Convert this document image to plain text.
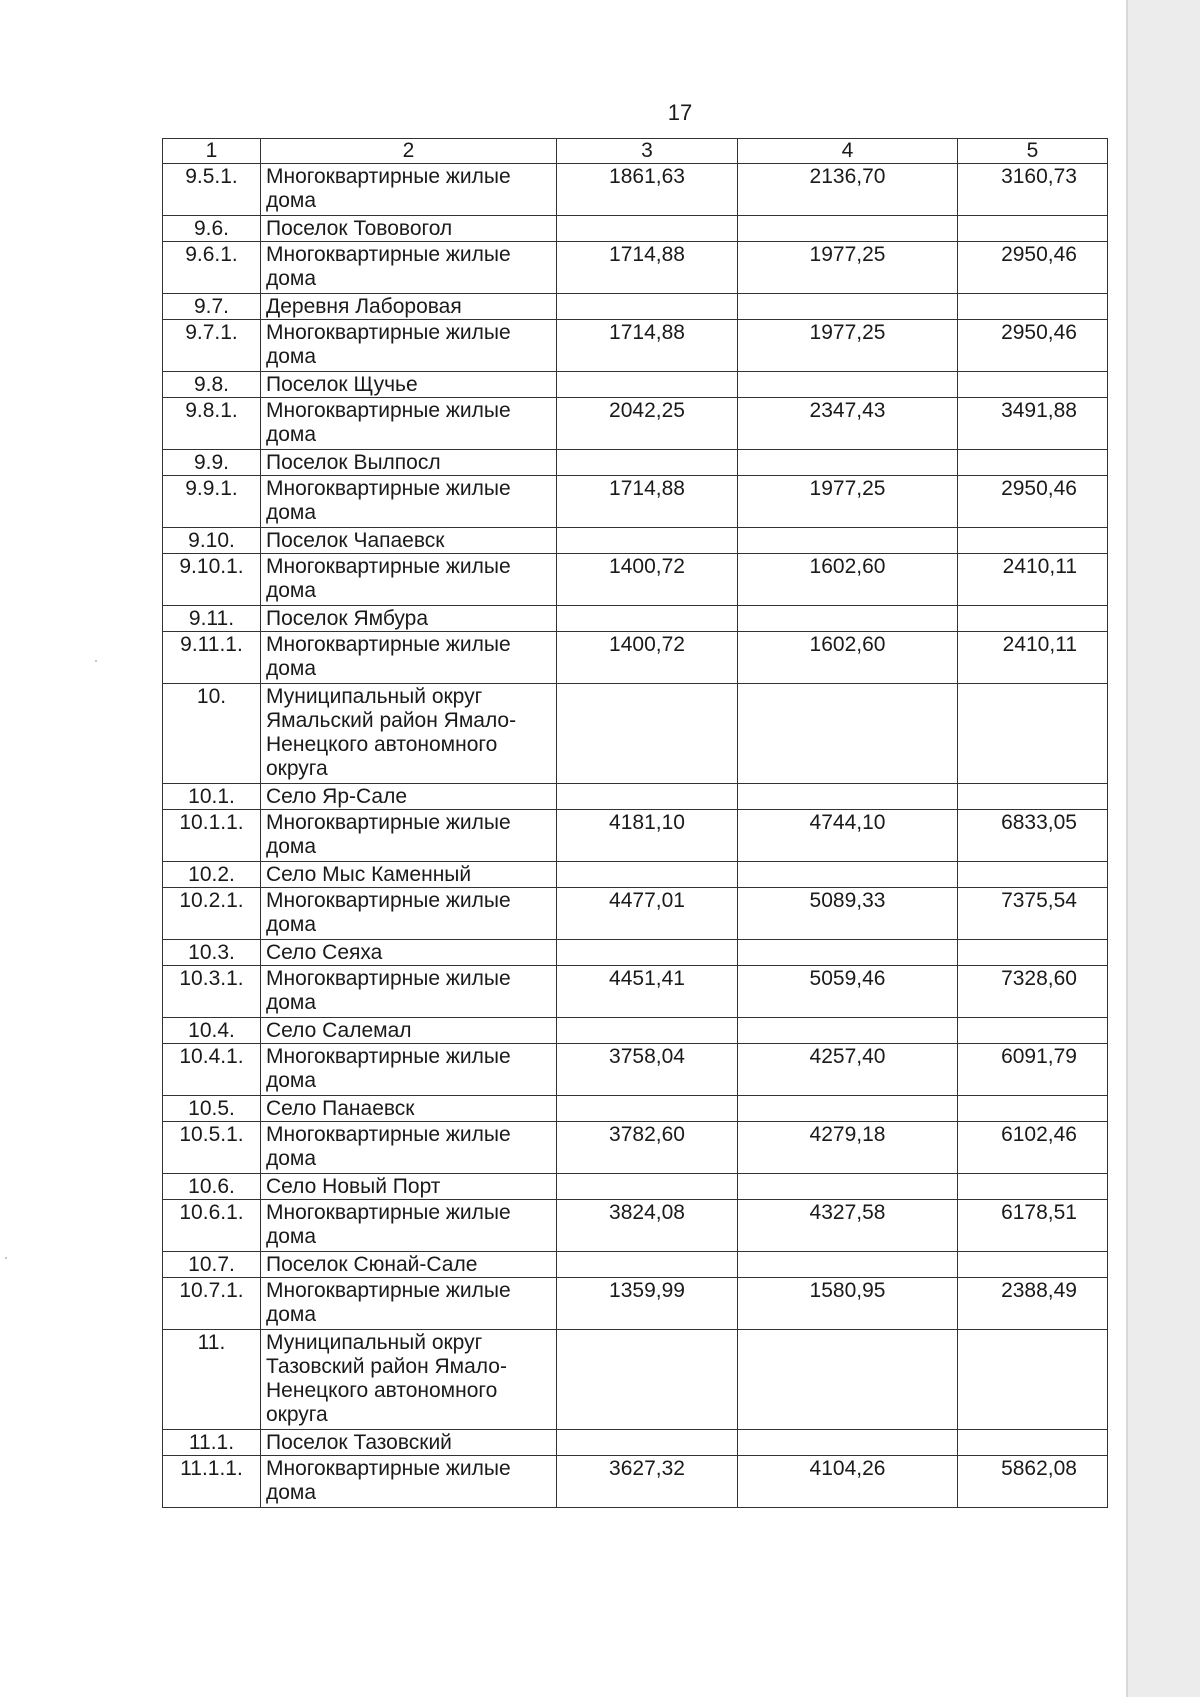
17
1	2	3	4	5
9.5.1.	Многоквартирные жилые дома	1861,63	2136,70	3160,73
9.6.	Поселок Тововогол			
9.6.1.	Многоквартирные жилые дома	1714,88	1977,25	2950,46
9.7.	Деревня Лаборовая			
9.7.1.	Многоквартирные жилые дома	1714,88	1977,25	2950,46
9.8.	Поселок Щучье			
9.8.1.	Многоквартирные жилые дома	2042,25	2347,43	3491,88
9.9.	Поселок Вылпосл			
9.9.1.	Многоквартирные жилые дома	1714,88	1977,25	2950,46
9.10.	Поселок Чапаевск			
9.10.1.	Многоквартирные жилые дома	1400,72	1602,60	2410,11
9.11.	Поселок Ямбура			
9.11.1.	Многоквартирные жилые дома	1400,72	1602,60	2410,11
10.	Муниципальный округ Ямальский район Ямало-Ненецкого автономного округа			
10.1.	Село Яр-Сале			
10.1.1.	Многоквартирные жилые дома	4181,10	4744,10	6833,05
10.2.	Село Мыс Каменный			
10.2.1.	Многоквартирные жилые дома	4477,01	5089,33	7375,54
10.3.	Село Сеяха			
10.3.1.	Многоквартирные жилые дома	4451,41	5059,46	7328,60
10.4.	Село Салемал			
10.4.1.	Многоквартирные жилые дома	3758,04	4257,40	6091,79
10.5.	Село Панаевск			
10.5.1.	Многоквартирные жилые дома	3782,60	4279,18	6102,46
10.6.	Село Новый Порт			
10.6.1.	Многоквартирные жилые дома	3824,08	4327,58	6178,51
10.7.	Поселок Сюнай-Сале			
10.7.1.	Многоквартирные жилые дома	1359,99	1580,95	2388,49
11.	Муниципальный округ Тазовский район Ямало-Ненецкого автономного округа			
11.1.	Поселок Тазовский			
11.1.1.	Многоквартирные жилые дома	3627,32	4104,26	5862,08
